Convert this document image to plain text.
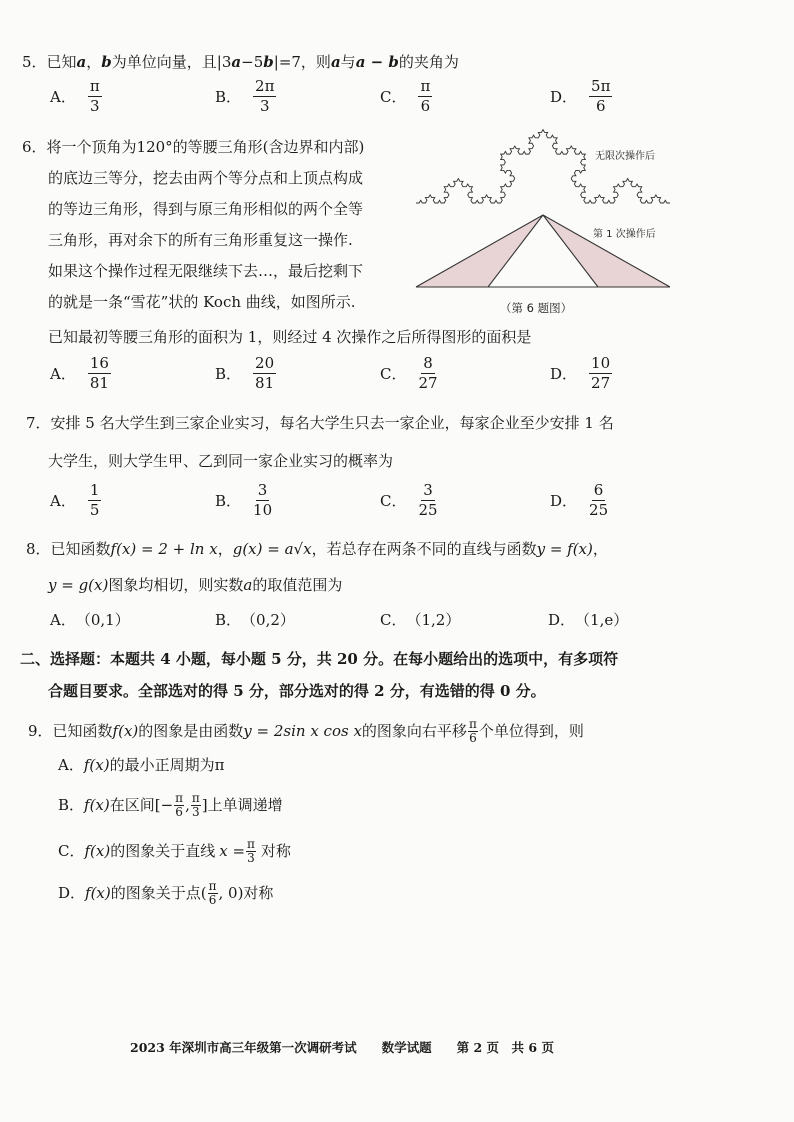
5．已知a，b为单位向量，且|3a−5b|=7，则a与a − b的夹角为
A． $\frac{\pi}{3}$	B． $\frac{2\pi}{3}$	C． $\frac{\pi}{6}$	D． $\frac{5\pi}{6}$
6．将一个顶角为120°的等腰三角形(含边界和内部)
的底边三等分，挖去由两个等分点和上顶点构成
的等边三角形，得到与原三角形相似的两个全等
三角形，再对余下的所有三角形重复这一操作.
如果这个操作过程无限继续下去…，最后挖剩下
的就是一条“雪花”状的 Koch 曲线，如图所示.
已知最初等腰三角形的面积为 1，则经过 4 次操作之后所得图形的面积是
无限次操作后
第 1 次操作后
（第 6 题图）
A． $\frac{16}{81}$	B． $\frac{20}{81}$	C． $\frac{8}{27}$	D． $\frac{10}{27}$
7．安排 5 名大学生到三家企业实习，每名大学生只去一家企业，每家企业至少安排 1 名
大学生，则大学生甲、乙到同一家企业实习的概率为
A． $\frac{1}{5}$	B． $\frac{3}{10}$	C． $\frac{3}{25}$	D． $\frac{6}{25}$
8．已知函数f(x) = 2 + ln x，g(x) = a√x，若总存在两条不同的直线与函数y = f(x)，
y = g(x)图象均相切，则实数a的取值范围为
A． （0,1）	B． （0,2）	C． （1,2）	D． （1,e）
二、选择题：本题共 4 小题，每小题 5 分，共 20 分。在每小题给出的选项中，有多项符
合题目要求。全部选对的得 5 分，部分选对的得 2 分，有选错的得 0 分。
9．已知函数 f(x) 的图象是由函数 y = 2sin x cos x 的图象向右平移 π
6 个单位得到，则
A．f(x)的最小正周期为π
B． f(x) 在区间[− $\frac{\pi}{6}$ , π
3 ]上单调递增
C． f(x) 的图象关于直线 $x = \frac{\pi}{3}$ 对称
D． f(x) 的图象关于点( π
6 , 0)对称
2023 年深圳市高三年级第一次调研考试　　数学试题　　第 2 页　共 6 页
